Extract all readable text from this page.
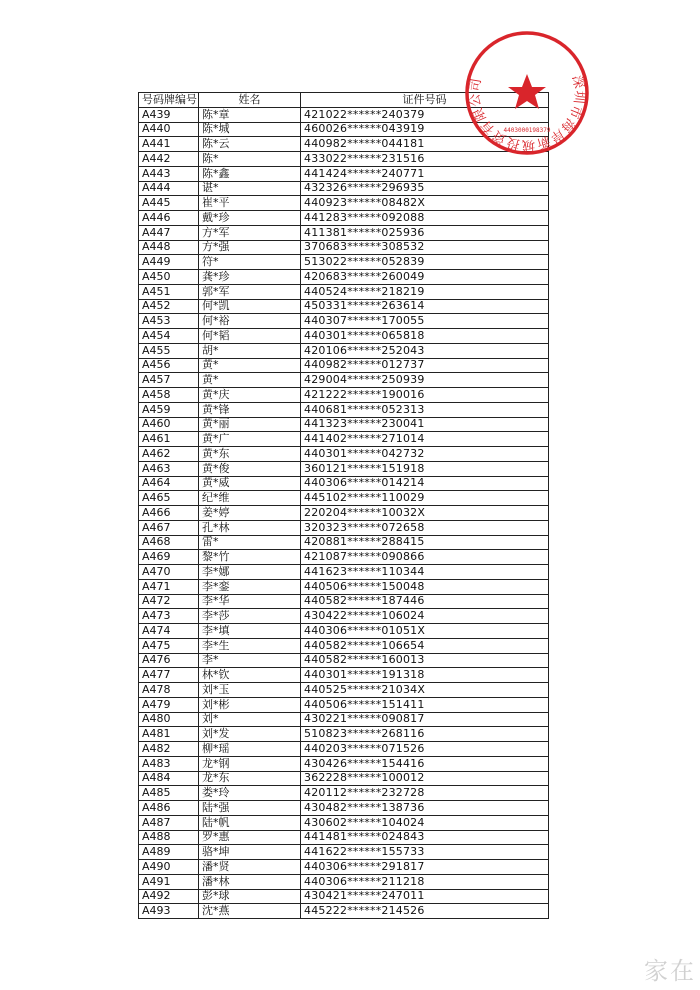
号码牌编号	姓名	证件号码
A439	陈*章	421022******240379
A440	陈*城	460026******043919
A441	陈*云	440982******044181
A442	陈*	433022******231516
A443	陈*鑫	441424******240771
A444	谌*	432326******296935
A445	崔*平	440923******08482X
A446	戴*珍	441283******092088
A447	方*军	411381******025936
A448	方*强	370683******308532
A449	符*	513022******052839
A450	龚*珍	420683******260049
A451	郭*军	440524******218219
A452	何*凯	450331******263614
A453	何*裕	440307******170055
A454	何*韬	440301******065818
A455	胡*	420106******252043
A456	黄*	440982******012737
A457	黄*	429004******250939
A458	黄*庆	421222******190016
A459	黄*锋	440681******052313
A460	黄*丽	441323******230041
A461	黄*广	441402******271014
A462	黄*东	440301******042732
A463	黄*俊	360121******151918
A464	黄*威	440306******014214
A465	纪*维	445102******110029
A466	姜*婷	220204******10032X
A467	孔*林	320323******072658
A468	雷*	420881******288415
A469	黎*竹	421087******090866
A470	李*娜	441623******110344
A471	李*銮	440506******150048
A472	李*华	440582******187446
A473	李*莎	430422******106024
A474	李*填	440306******01051X
A475	李*生	440582******106654
A476	李*	440582******160013
A477	林*钦	440301******191318
A478	刘*玉	440525******21034X
A479	刘*彬	440506******151411
A480	刘*	430221******090817
A481	刘*发	510823******268116
A482	柳*瑶	440203******071526
A483	龙*钢	430426******154416
A484	龙*东	362228******100012
A485	娄*玲	420112******232728
A486	陆*强	430482******138736
A487	陆*帆	430602******104024
A488	罗*惠	441481******024843
A489	骆*坤	441622******155733
A490	潘*贤	440306******291817
A491	潘*林	440306******211218
A492	彭*球	430421******247011
A493	沈*燕	445222******214526
深圳市海岸新城投资有限公司
4403000198379
家在
